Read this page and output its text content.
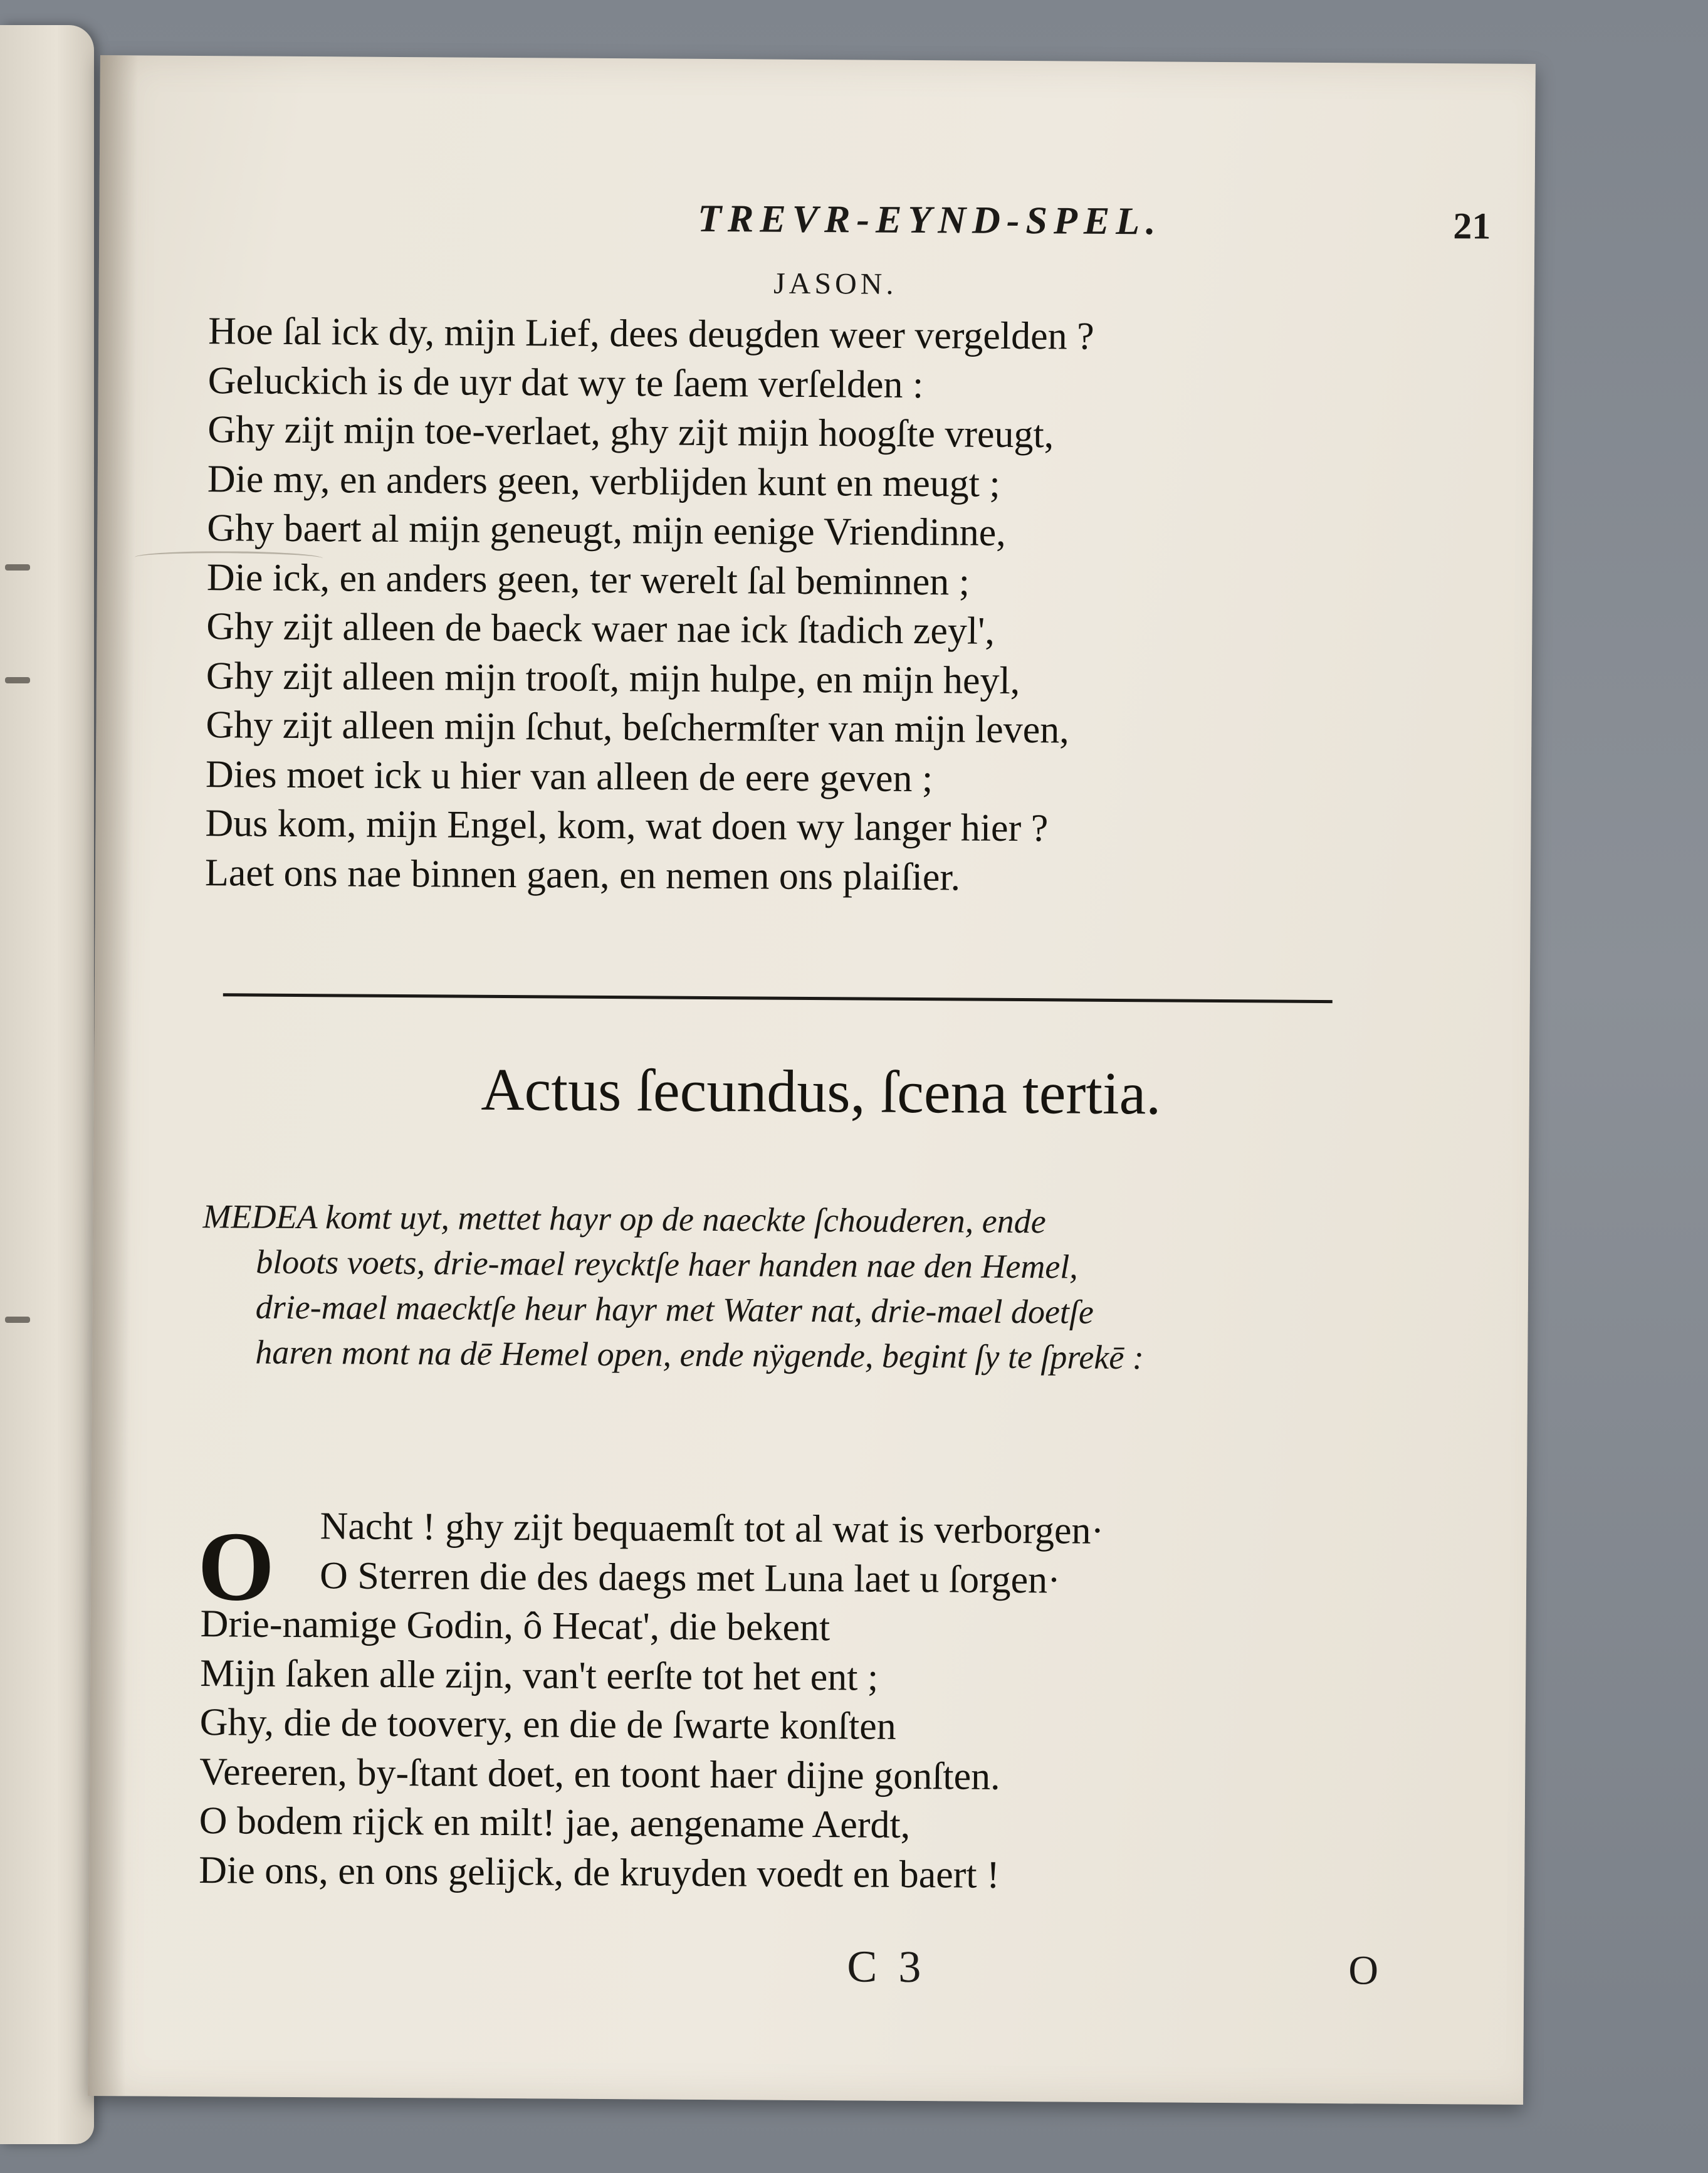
TREVR-EYND-SPEL.	21
JASON.
Hoe ſal ick dy, mijn Lief, dees deugden weer vergelden ?
Geluckich is de uyr dat wy te ſaem verſelden :
Ghy zijt mijn toe-verlaet, ghy zijt mijn hoogſte vreugt,
Die my, en anders geen, verblijden kunt en meugt ;
Ghy baert al mijn geneugt, mijn eenige Vriendinne,
Die ick, en anders geen, ter werelt ſal beminnen ;
Ghy zijt alleen de baeck waer nae ick ſtadich zeyl',
Ghy zijt alleen mijn trooſt, mijn hulpe, en mijn heyl,
Ghy zijt alleen mijn ſchut, beſchermſter van mijn leven,
Dies moet ick u hier van alleen de eere geven ;
Dus kom, mijn Engel, kom, wat doen wy langer hier ?
Laet ons nae binnen gaen, en nemen ons plaiſier.
Actus ſecundus, ſcena tertia.
MEDEA komt uyt, mettet hayr op de naeckte ſchouderen, ende
bloots voets, drie-mael reycktſe haer handen nae den Hemel,
drie-mael maecktſe heur hayr met Water nat, drie-mael doetſe
haren mont na dē Hemel open, ende nÿgende, begint ſy te ſprekē :
O	Nacht ! ghy zijt bequaemſt tot al wat is verborgen·
O Sterren die des daegs met Luna laet u ſorgen·
Drie-namige Godin, ô Hecat', die bekent
Mijn ſaken alle zijn, van't eerſte tot het ent ;
Ghy, die de toovery, en die de ſwarte konſten
Vereeren, by-ſtant doet, en toont haer dijne gonſten.
O bodem rijck en milt! jae, aengename Aerdt,
Die ons, en ons gelijck, de kruyden voedt en baert !
C 3	O
